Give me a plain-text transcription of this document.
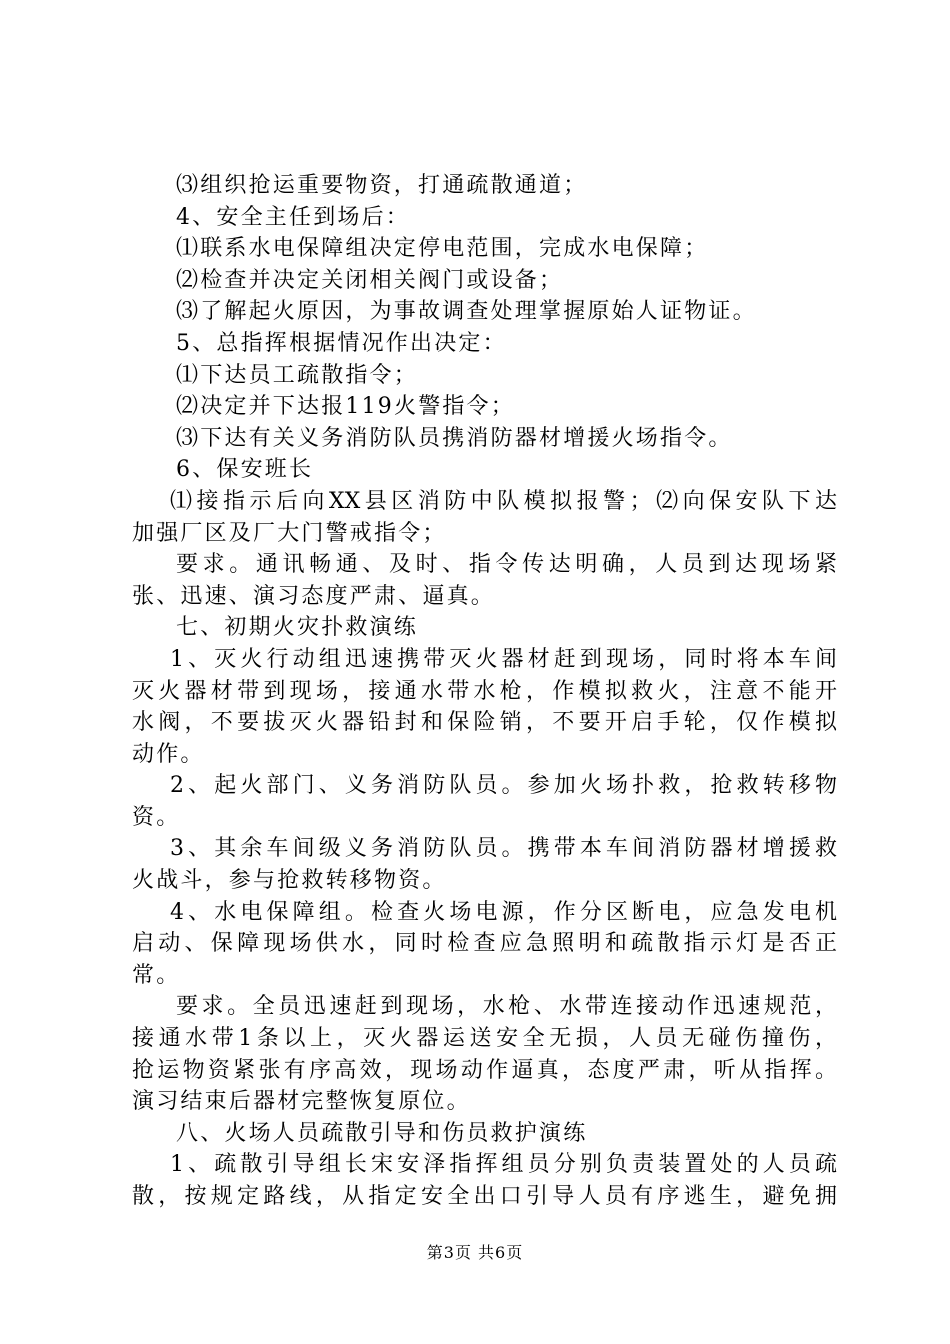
⑶组织抢运重要物资，打通疏散通道；
4、安全主任到场后：
⑴联系水电保障组决定停电范围，完成水电保障；
⑵检查并决定关闭相关阀门或设备；
⑶了解起火原因，为事故调查处理掌握原始人证物证。
5、总指挥根据情况作出决定：
⑴下达员工疏散指令；
⑵决定并下达报119火警指令；
⑶下达有关义务消防队员携消防器材增援火场指令。
6、保安班长
⑴接指示后向XX县区消防中队模拟报警；⑵向保安队下达
加强厂区及厂大门警戒指令；
要求。通讯畅通、及时、指令传达明确，人员到达现场紧
张、迅速、演习态度严肃、逼真。
七、初期火灾扑救演练
1、灭火行动组迅速携带灭火器材赶到现场，同时将本车间
灭火器材带到现场，接通水带水枪，作模拟救火，注意不能开
水阀，不要拔灭火器铅封和保险销，不要开启手轮，仅作模拟
动作。
2、起火部门、义务消防队员。参加火场扑救，抢救转移物
资。
3、其余车间级义务消防队员。携带本车间消防器材增援救
火战斗，参与抢救转移物资。
4、水电保障组。检查火场电源，作分区断电，应急发电机
启动、保障现场供水，同时检查应急照明和疏散指示灯是否正
常。
要求。全员迅速赶到现场，水枪、水带连接动作迅速规范，
接通水带1条以上，灭火器运送安全无损，人员无碰伤撞伤，
抢运物资紧张有序高效，现场动作逼真，态度严肃，听从指挥。
演习结束后器材完整恢复原位。
八、火场人员疏散引导和伤员救护演练
1、疏散引导组长宋安泽指挥组员分别负责装置处的人员疏
散，按规定路线，从指定安全出口引导人员有序逃生，避免拥
第3页 共6页
